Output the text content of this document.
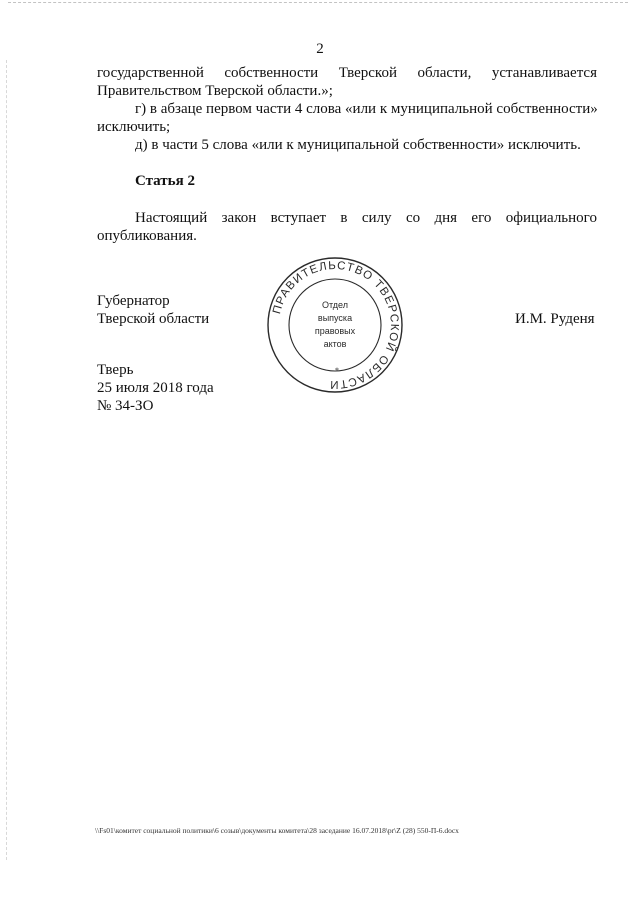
2
государственной собственности Тверской области, устанавливается
Правительством Тверской области.»;
г) в абзаце первом части 4 слова «или к муниципальной собственности»
исключить;
д) в части 5 слова «или к муниципальной собственности» исключить.
Статья 2
Настоящий закон вступает в силу со дня его официального
опубликования.
Губернатор
Тверской области	И.М. Руденя
ПРАВИТЕЛЬСТВО ТВЕРСКОЙ ОБЛАСТИ
Отдел
выпуска
правовых
актов
*
Тверь
25 июля 2018 года
№ 34-ЗО
\\Fs01\комитет социальной политики\6 созыв\документы комитета\28 заседание 16.07.2018\pr\Z (28) 550-П-6.docx
